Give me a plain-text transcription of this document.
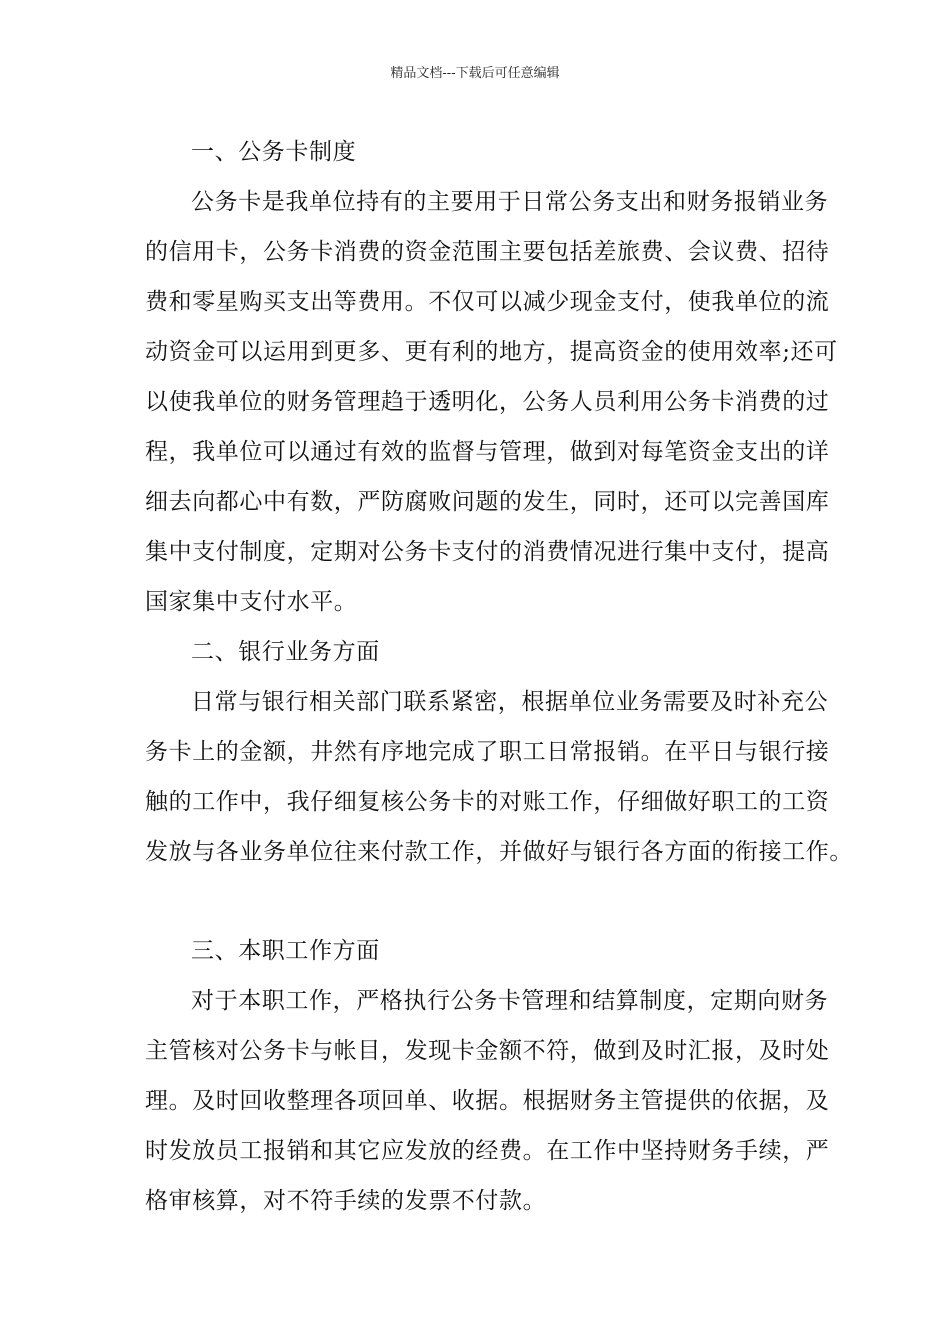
精品文档---下载后可任意编辑
一、公务卡制度
公务卡是我单位持有的主要用于日常公务支出和财务报销业务
的信用卡，公务卡消费的资金范围主要包括差旅费、会议费、招待
费和零星购买支出等费用。不仅可以减少现金支付，使我单位的流
动资金可以运用到更多、更有利的地方，提高资金的使用效率;还可
以使我单位的财务管理趋于透明化，公务人员利用公务卡消费的过
程，我单位可以通过有效的监督与管理，做到对每笔资金支出的详
细去向都心中有数，严防腐败问题的发生，同时，还可以完善国库
集中支付制度，定期对公务卡支付的消费情况进行集中支付，提高
国家集中支付水平。
二、银行业务方面
日常与银行相关部门联系紧密，根据单位业务需要及时补充公
务卡上的金额，井然有序地完成了职工日常报销。在平日与银行接
触的工作中，我仔细复核公务卡的对账工作，仔细做好职工的工资
发放与各业务单位往来付款工作，并做好与银行各方面的衔接工作。
三、本职工作方面
对于本职工作，严格执行公务卡管理和结算制度，定期向财务
主管核对公务卡与帐目，发现卡金额不符，做到及时汇报，及时处
理。及时回收整理各项回单、收据。根据财务主管提供的依据，及
时发放员工报销和其它应发放的经费。在工作中坚持财务手续，严
格审核算，对不符手续的发票不付款。
